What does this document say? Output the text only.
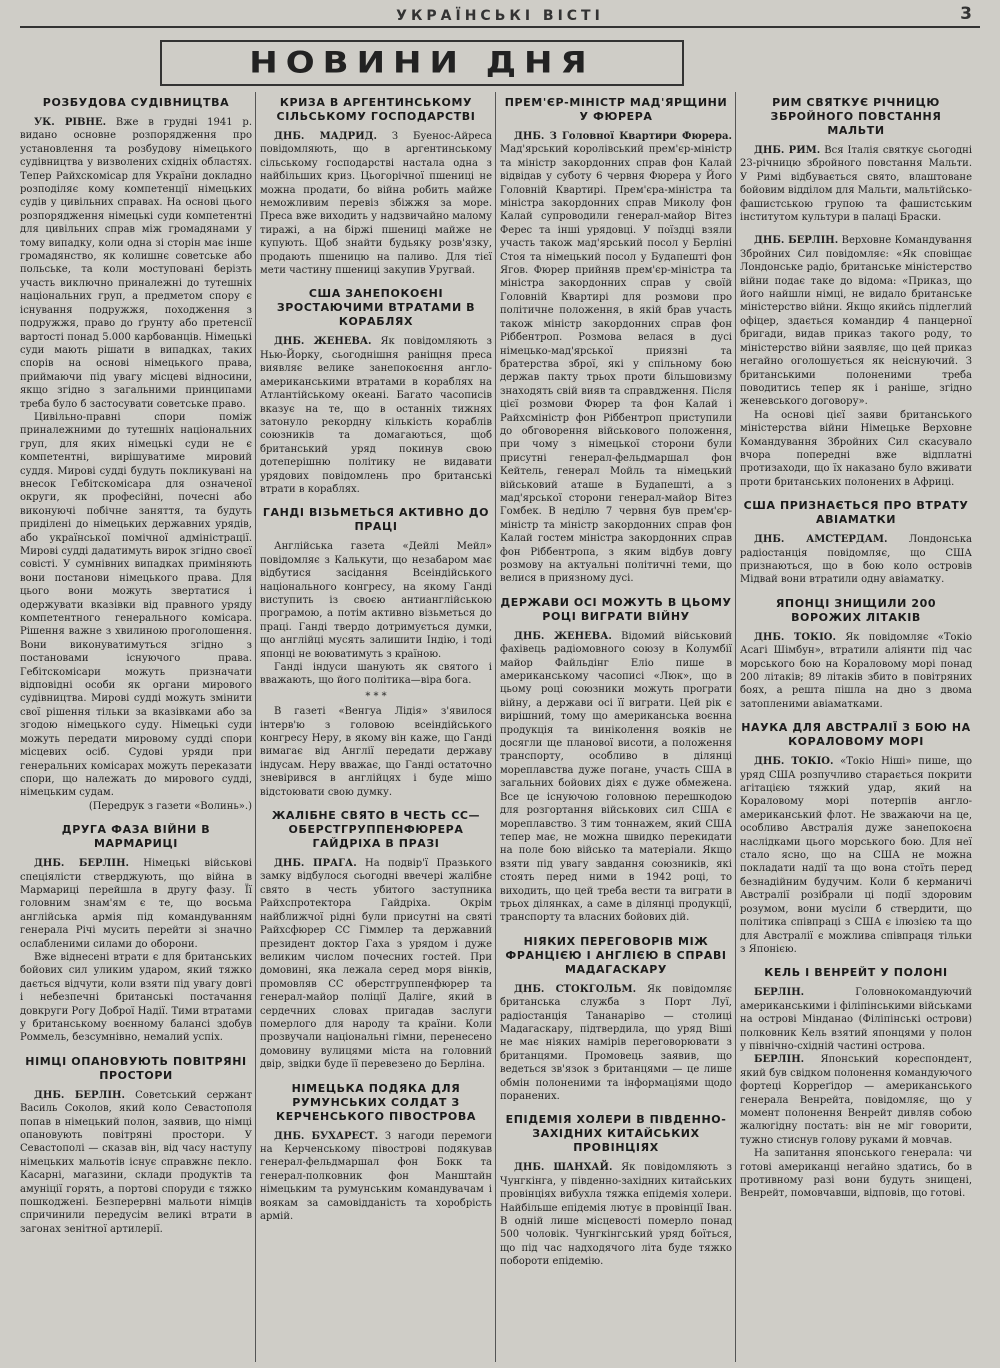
УКРАЇНСЬКІ ВІСТІ	3
НОВИНИ ДНЯ
РОЗБУДОВА СУДІВНИЦТВА

УК. РІВНЕ. Вже в грудні 1941 р. видано основне розпорядження про установлення та розбудову німецького судівництва у визволених східніх областях. Тепер Райхскомісар для України докладно розподіляє кому компетенції німецьких судів у цивільних справах. На основі цього розпорядження німецькі суди компетентні для цивільних справ між громадянами у тому випадку, коли одна зі сторін має інше громадянство, як колишнє советське або польське, та коли моступовані берізть участь виключно приналежні до тутешніх національних груп, а предметом спору є існування подружжя, походження з подружжя, право до ґрунту або претенсії вартості понад 5.000 карбованців. Німецькі суди мають рішати в випадках, таких спорів на основі німецького права, приймаючи під увагу місцеві відносини, якщо згідно з загальними принципами треба було б застосувати советське право.

Цивільно-правні спори поміж приналежними до тутешніх національних груп, для яких німецькі суди не є компетентні, вирішуватиме мировий суддя. Мирові судді будуть покликувані на внесок Гебітскомісара для означеної округи, як професійні, почесні або виконуючі побічне заняття, та будуть приділені до німецьких державних урядів, або української помічної адміністрації. Мирові судді дадатимуть вирок згідно своєї совісті. У сумнівних випадках приміняють вони постанови німецького права. Для цього вони можуть звертатися і одержувати вказівки від правного уряду компетентного генерального комісара. Рішення важне з хвилиною проголошення. Вони виконуватимуться згідно з постановами існуючого права. Гебітскомісари можуть призначати відповідні особи як органи мирового судівництва. Мирові судді можуть змінити свої рішення тільки за вказівками або за згодою німецького суду. Німецькі суди можуть передати мировому судді спори місцевих осіб. Судові уряди при генеральних комісарах можуть переказати спори, що належать до мирового судді, німецьким судам.

(Передрук з газети «Волинь».)

ДРУГА ФАЗА ВІЙНИ В МАРМАРИЦІ

ДНБ. БЕРЛІН. Німецькі військові спеціялісти стверджують, що війна в Мармариці перейшла в другу фазу. Її головним знам'ям є те, що восьма англійська армія під командуванням генерала Річі мусить перейти зі значно ослабленими силами до оборони.

Вже віднесені втрати є для британських бойових сил уликим ударом, який тяжко дається відчути, коли взяти під увагу довгі і небезпечні британські постачання довкруги Рогу Доброї Надії. Тими втратами у британському воєнному балансі здобув Роммель, безсумнівно, немалий успіх.

НІМЦІ ОПАНОВУЮТЬ ПОВІТРЯНІ ПРОСТОРИ

ДНБ. БЕРЛІН. Советський сержант Василь Соколов, який коло Севастополя попав в німецький полон, заявив, що німці опановують повітряні простори. У Севастополі — сказав він, від часу наступу німецьких мальотів існує справжнє пекло. Касарні, магазини, склади продуктів та амуніції горять, а портові споруди є тяжко пошкоджені. Безперервні мальоти німців спричинили передусім великі втрати в загонах зенітної артилерії.

КРИЗА В АРГЕНТИНСЬКОМУ СІЛЬСЬКОМУ ГОСПОДАРСТВІ

ДНБ. МАДРИД. З Буенос-Айреса повідомляють, що в аргентинському сільському господарстві настала одна з найбільших криз. Цьогорічної пшениці не можна продати, бо війна робить майже неможливим перевіз збіжжя за море. Преса вже виходить у надзвичайно малому тиражі, а на біржі пшениці майже не купують. Щоб знайти будьяку розв'язку, продають пшеницю на паливо. Для тієї мети частину пшениці закупив Уругвай.

США ЗАНЕПОКОЄНІ ЗРОСТАЮЧИМИ ВТРАТАМИ В КОРАБЛЯХ

ДНБ. ЖЕНЕВА. Як повідомляють з Нью-Йорку, сьогоднішня раніщня преса виявляє велике занепокоєння англо-американськими втратами в кораблях на Атлантійському океані. Багато часописів вказує на те, що в останніх тижнях затонуло рекордну кількість кораблів союзників та домагаються, щоб британський уряд покинув свою дотеперішню політику не видавати урядових повідомлень про британські втрати в кораблях.

ГАНДІ ВІЗЬМЕТЬСЯ АКТИВНО ДО ПРАЦІ

Англійська газета «Дейлі Мейл» повідомляє з Калькути, що незабаром має відбутися засідання Всеіндійського національного конгресу, на якому Ганді виступить із своєю антианглійською програмою, а потім активно візьметься до праці. Ганді твердо дотримується думки, що англійці мусять залишити Індію, і тоді японці не воюватимуть з країною.

Ганді індуси шанують як святого і вважають, що його політика—віра бога.

* * *

В газеті «Венгуа Лідія» з'явилося інтерв'ю з головою всеіндійського конгресу Неру, в якому він каже, що Ганді вимагає від Англії передати державу індусам. Неру вважає, що Ганді остаточно зневірився в англійцях і буде мішо відстоювати свою думку.

ЖАЛІБНЕ СВЯТО В ЧЕСТЬ СС—ОБЕРСТГРУППЕНФЮРЕРА ГАЙДРІХА В ПРАЗІ

ДНБ. ПРАГА. На подвір'ї Празького замку відбулося сьогодні ввечері жалібне свято в честь убитого заступника Райхспротектора Гайдріха. Окрім найближчої рідні були присутні на святі Райхсфюрер СС Гіммлер та державний президент доктор Гаха з урядом і дуже великим числом почесних гостей. При домовині, яка лежала серед моря вінків, промовляв СС оберстгруппенфюрер та генерал-майор поліції Даліге, який в сердечних словах пригадав заслуги померлого для народу та країни. Коли прозвучали національні гімни, перенесено домовину вулицями міста на головний двір, звідки буде її перевезено до Берліна.

НІМЕЦЬКА ПОДЯКА ДЛЯ РУМУНСЬКИХ СОЛДАТ З КЕРЧЕНСЬКОГО ПІВОСТРОВА

ДНБ. БУХАРЕСТ. З нагоди перемоги на Керченському півострові подякував генерал-фельдмаршал фон Бокк та генерал-полковник фон Манштайн німецьким та румунським командувачам і воякам за самовідданість та хоробрість армій.

ПРЕМ'ЄР-МІНІСТР МАД'ЯРЩИНИ У ФЮРЕРА

ДНБ. З Головної Квартири Фюрера. Мад'ярський королівський прем'єр-міністр та міністр закордонних справ фон Калай відвідав у суботу 6 червня Фюрера у Його Головній Квартирі. Прем'єра-міністра та міністра закордонних справ Миколу фон Калай супроводили генерал-майор Вітез Ферес та інші урядовці. У поїздці взяли участь також мад'ярський посол у Берліні Стоя та німецький посол у Будапешті фон Ягов. Фюрер прийняв прем'єр-міністра та міністра закордонних справ у своїй Головній Квартирі для розмови про політичне положення, в якій брав участь також міністр закордонних справ фон Ріббентроп. Розмова велася в дусі німецько-мад'ярської приязні та братерства зброї, які у спільному бою держав пакту трьох проти більшовизму знаходять свій вияв та справдження. Після цієї розмови Фюрер та фон Калай і Райхсміністр фон Ріббентроп приступили до обговорення військового положення, при чому з німецької сторони були присутні генерал-фельдмаршал фон Кейтель, генерал Мойль та німецький військовий аташе в Будапешті, а з мад'ярської сторони генерал-майор Вітез Гомбек. В неділю 7 червня був прем'єр-міністр та міністр закордонних справ фон Калай гостем міністра закордонних справ фон Ріббентропа, з яким відбув довгу розмову на актуальні політичні теми, що велися в приязному дусі.

ДЕРЖАВИ ОСІ МОЖУТЬ В ЦЬОМУ РОЦІ ВИГРАТИ ВІЙНУ

ДНБ. ЖЕНЕВА. Відомий військовий фахівець радіомовного союзу в Колумбії майор Файльдінг Еліо пише в американському часописі «Люк», що в цьому році союзники можуть програти війну, а держави осі її виграти. Цей рік є вирішний, тому що американська воєнна продукція та виніколення вояків не досягли ще планової висоти, а положення транспорту, особливо в ділянці мореплавства дуже погане, участь США в загальних бойових діях є дуже обмежена. Все це існуючою головною перешкодою для розгортання військових сил США є мореплавство. З тим тоннажем, який США тепер має, не можна швидко перекидати на поле бою військо та матеріали. Якщо взяти під увагу завдання союзників, які стоять перед ними в 1942 році, то виходить, що цей треба вести та виграти в трьох ділянках, а саме в ділянці продукції, транспорту та власних бойових дій.

НІЯКИХ ПЕРЕГОВОРІВ МІЖ ФРАНЦІЄЮ І АНГЛІЄЮ В СПРАВІ МАДАГАСКАРУ

ДНБ. СТОКГОЛЬМ. Як повідомляє британська служба з Порт Луї, радіостанція Тананаріво — столиці Мадагаскару, підтвердила, що уряд Віші не має ніяких намірів переговорювати з британцями. Промовець заявив, що ведеться зв'язок з британцями — це лише обмін полоненими та інформаціями щодо поранених.

ЕПІДЕМІЯ ХОЛЕРИ В ПІВДЕННО-ЗАХІДНИХ КИТАЙСЬКИХ ПРОВІНЦІЯХ

ДНБ. ШАНХАЙ. Як повідомляють з Чунгкінга, у південно-західних китайських провінціях вибухла тяжка епідемія холери. Найбільше епідемія лютує в провінції Іван. В одній лише місцевості померло понад 500 чоловік. Чунгкінгський уряд боїться, що під час надходячого літа буде тяжко побороти епідемію.

РИМ СВЯТКУЄ РІЧНИЦЮ ЗБРОЙНОГО ПОВСТАННЯ МАЛЬТИ

ДНБ. РИМ. Вся Італія святкує сьогодні 23-річницю збройного повстання Мальти. У Римі відбувається свято, влаштоване бойовим відділом для Мальти, мальтійсько-фашистською групою та фашистським інститутом культури в палаці Браски.

ДНБ. БЕРЛІН. Верховне Командування Збройних Сил повідомляє: «Як сповіщає Лондонське радіо, британське міністерство війни подає таке до відома: «Приказ, що його найшли німці, не видало британське міністерство війни. Якщо якийсь підлеглий офіцер, здається командир 4 панцерної бригади, видав приказ такого роду, то міністерство війни заявляє, що цей приказ негайно оголошується як неіснуючий. З британськими полоненими треба поводитись тепер як і раніше, згідно женевського договору».

На основі цієї заяви британського міністерства війни Німецьке Верховне Командування Збройних Сил скасувало вчора попередні вже відплатні протизаходи, що їх наказано було вживати проти британських полонених в Африці.

США ПРИЗНАЄТЬСЯ ПРО ВТРАТУ АВІАМАТКИ

ДНБ. АМСТЕРДАМ. Лондонська радіостанція повідомляє, що США признаються, що в бою коло островів Мідвай вони втратили одну авіаматку.

ЯПОНЦІ ЗНИЩИЛИ 200 ВОРОЖИХ ЛІТАКІВ

ДНБ. ТОКІО. Як повідомляє «Токіо Асагі Шімбун», втратили аліянти під час морського бою на Кораловому морі понад 200 літаків; 89 літаків збито в повітряних боях, а решта пішла на дно з двома затопленими авіаматками.

НАУКА ДЛЯ АВСТРАЛІЇ З БОЮ НА КОРАЛОВОМУ МОРІ

ДНБ. ТОКІО. «Токіо Ніші» пише, що уряд США розпучливо старається покрити агітацією тяжкий удар, який на Кораловому морі потерпів англо-американський флот. Не зважаючи на це, особливо Австралія дуже занепокоєна наслідками цього морського бою. Для неї стало ясно, що на США не можна покладати надії та що вона стоїть перед безнадійним будучим. Коли б керманичі Австралії розібрали ці події здоровим розумом, вони мусіли б ствердити, що політика співпраці з США є ілюзією та що для Австралії є можлива співпраця тільки з Японією.

КЕЛЬ І ВЕНРЕЙТ У ПОЛОНІ

БЕРЛІН.	Головнокомандуючий американськими і філіпінськими військами на острові Мінданао (Філіпінські острови) полковник Кель взятий японцями у полон у північно-східній частині острова.

БЕРЛІН. Японський кореспондент, який був свідком полонення командуючого фортеці Корреґідор — американського генерала Венрейта, повідомляє, що у момент полонення Венрейт дивляв собою жалюгідну постать: він не міг говорити, тужно стиснув голову руками й мовчав.

На запитання японського генерала: чи готові американці негайно здатись, бо в противному разі вони будуть знищені, Венрейт, помовчавши, відповів, що готові.
